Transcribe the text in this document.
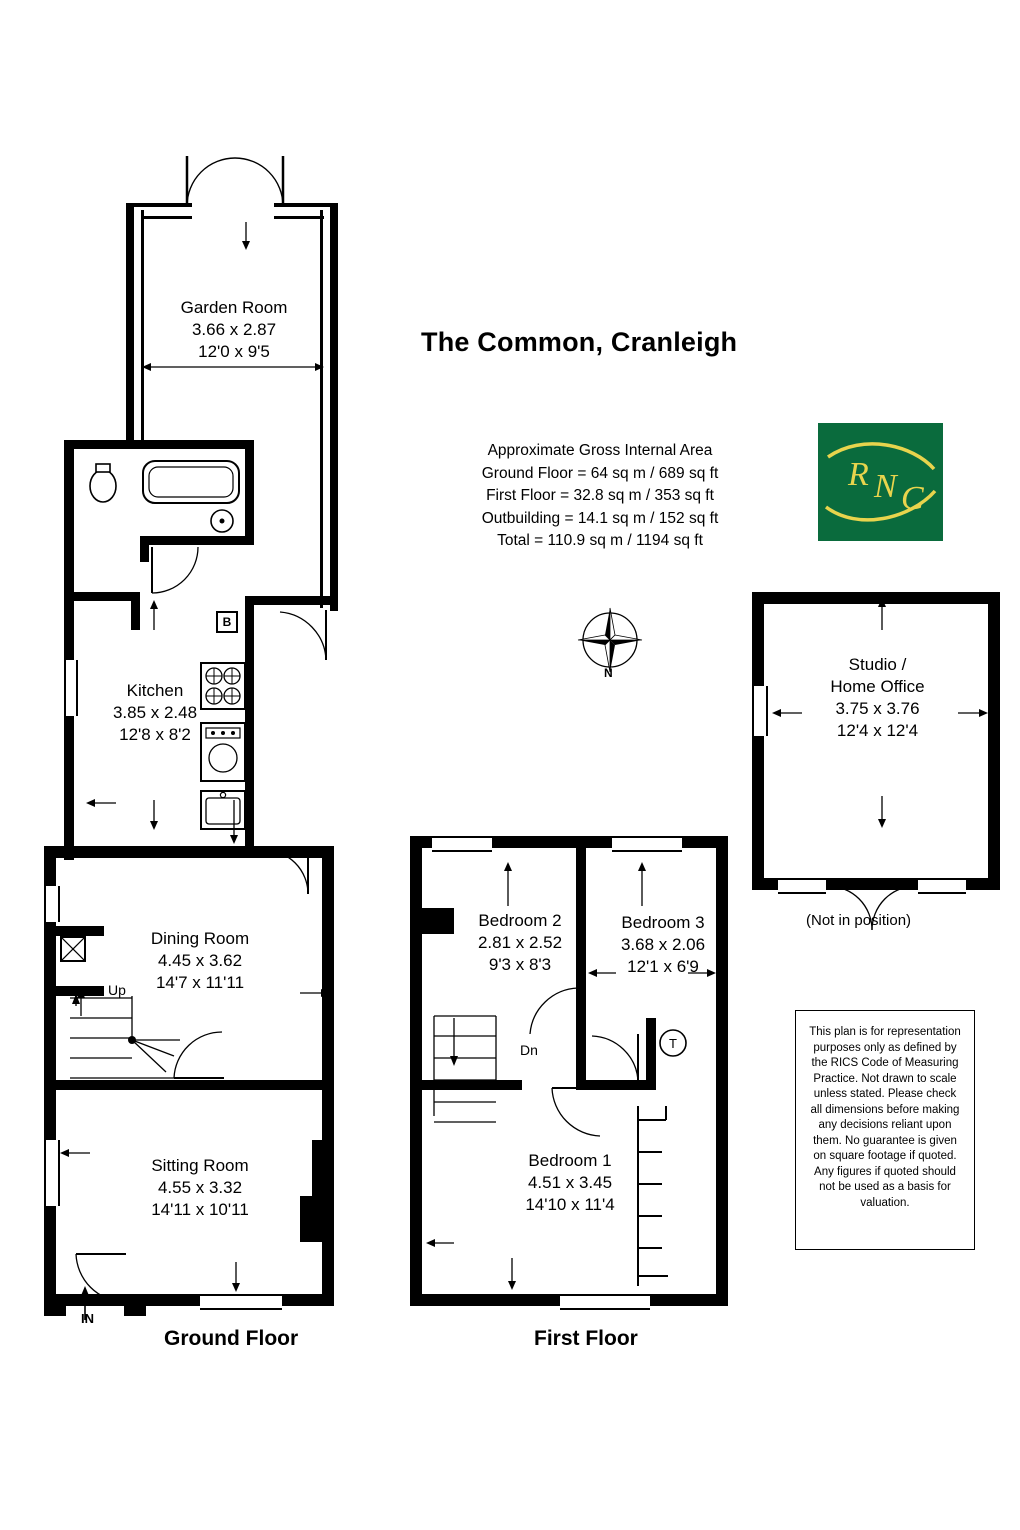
The Common, Cranleigh
Approximate Gross Internal Area
Ground Floor = 64 sq m / 689 sq ft
First Floor = 32.8 sq m / 353 sq ft
Outbuilding = 14.1 sq m / 152 sq ft
Total = 110.9 sq m / 1194 sq ft
R N C
N
Garden Room
3.66 x 2.87
12'0 x 9'5
Kitchen
3.85 x 2.48
12'8 x 8'2
B
Dining Room
4.45 x 3.62
14'7 x 11'11
Sitting Room
4.55 x 3.32
14'11 x 10'11
Up
IN
Ground Floor
Bedroom 2
2.81 x 2.52
9'3 x 8'3
Bedroom 3
3.68 x 2.06
12'1 x 6'9
Bedroom 1
4.51 x 3.45
14'10 x 11'4
Dn	T
First Floor
Studio /
Home Office
3.75 x 3.76
12'4 x 12'4
(Not in position)
This plan is for representation purposes only as defined by the RICS Code of Measuring Practice. Not drawn to scale unless stated. Please check all dimensions before making any decisions reliant upon them. No guarantee is given on square footage if quoted. Any figures if quoted should not be used as a basis for valuation.
